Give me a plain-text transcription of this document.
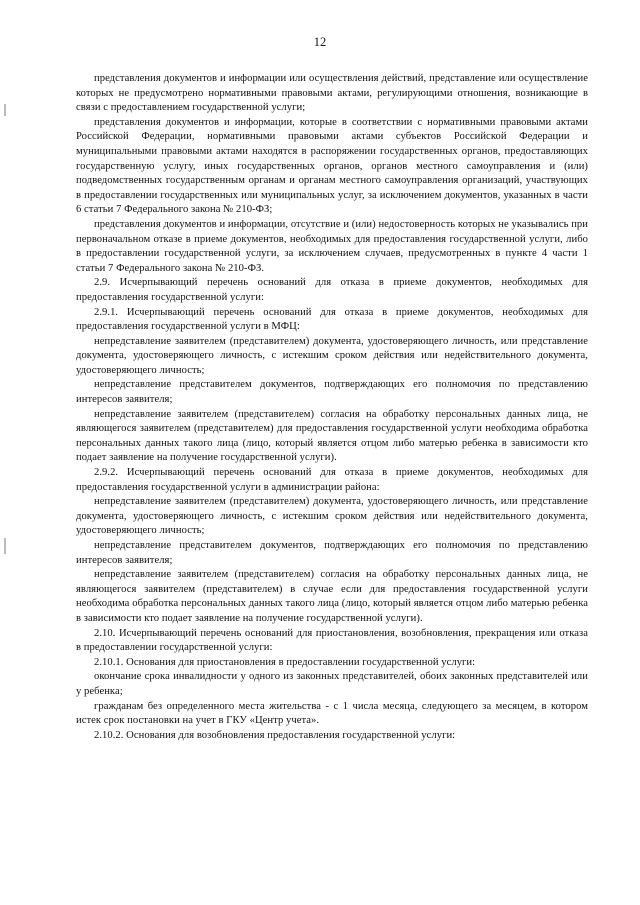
12

представления документов и информации или осуществления действий, представление или осуществление которых не предусмотрено нормативными правовыми актами, регулирующими отношения, возникающие в связи с предоставлением государственной услуги;

представления документов и информации, которые в соответствии с нормативными правовыми актами Российской Федерации, нормативными правовыми актами субъектов Российской Федерации и муниципальными правовыми актами находятся в распоряжении государственных органов, предоставляющих государственную услугу, иных государственных органов, органов местного самоуправления и (или) подведомственных государственным органам и органам местного самоуправления организаций, участвующих в предоставлении государственных или муниципальных услуг, за исключением документов, указанных в части 6 статьи 7 Федерального закона № 210-ФЗ;

представления документов и информации, отсутствие и (или) недостоверность которых не указывались при первоначальном отказе в приеме документов, необходимых для предоставления государственной услуги, либо в предоставлении государственной услуги, за исключением случаев, предусмотренных в пункте 4 части 1 статьи 7 Федерального закона № 210-ФЗ.

2.9. Исчерпывающий перечень оснований для отказа в приеме документов, необходимых для предоставления государственной услуги:

2.9.1. Исчерпывающий перечень оснований для отказа в приеме документов, необходимых для предоставления государственной услуги в МФЦ:

непредставление заявителем (представителем) документа, удостоверяющего личность, или представление документа, удостоверяющего личность, с истекшим сроком действия или недействительного документа, удостоверяющего личность;

непредставление представителем документов, подтверждающих его полномочия по представлению интересов заявителя;

непредставление заявителем (представителем) согласия на обработку персональных данных лица, не являющегося заявителем (представителем) для предоставления государственной услуги необходима обработка персональных данных такого лица (лицо, который является отцом либо матерью ребенка в зависимости кто подает заявление на получение государственной услуги).

2.9.2. Исчерпывающий перечень оснований для отказа в приеме документов, необходимых для предоставления государственной услуги в администрации района:

непредставление заявителем (представителем) документа, удостоверяющего личность, или представление документа, удостоверяющего личность, с истекшим сроком действия или недействительного документа, удостоверяющего личность;

непредставление представителем документов, подтверждающих его полномочия по представлению интересов заявителя;

непредставление заявителем (представителем) согласия на обработку персональных данных лица, не являющегося заявителем (представителем) в случае если для предоставления государственной услуги необходима обработка персональных данных такого лица (лицо, который является отцом либо матерью ребенка в зависимости кто подает заявление на получение государственной услуги).

2.10. Исчерпывающий перечень оснований для приостановления, возобновления, прекращения или отказа в предоставлении государственной услуги:

2.10.1. Основания для приостановления в предоставлении государственной услуги:

окончание срока инвалидности у одного из законных представителей, обоих законных представителей или у ребенка;

гражданам без определенного места жительства - с 1 числа месяца, следующего за месяцем, в котором истек срок постановки на учет в ГКУ «Центр учета».

2.10.2. Основания для возобновления предоставления государственной услуги:
